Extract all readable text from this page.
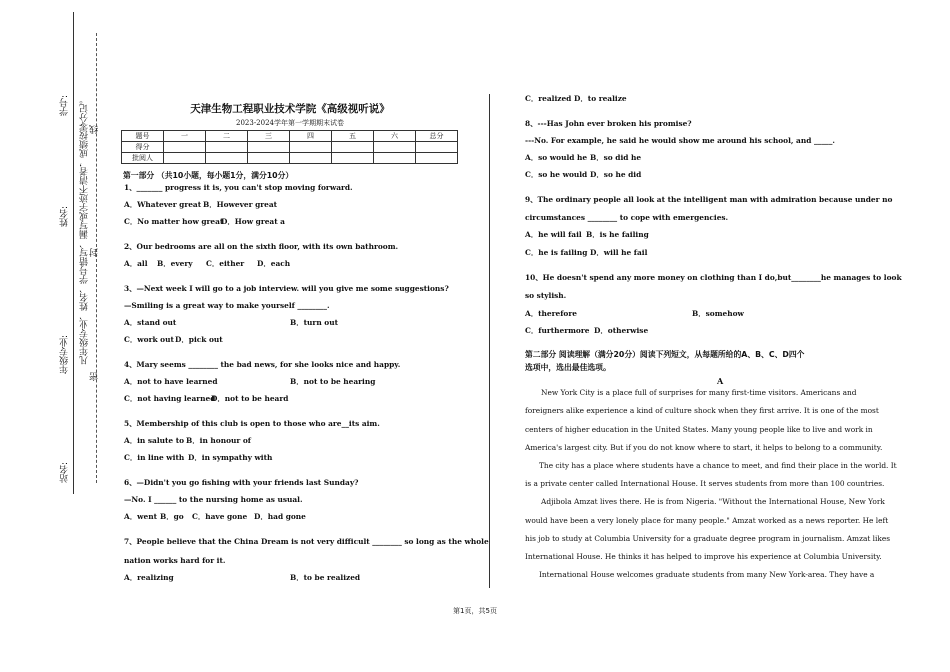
学号:
姓名:
年级专业:
站名:
凡年级专业、姓名、学号错写、漏写或字迹不清者，成绩按零分记。
密
封
线
天津生物工程职业技术学院《高级视听说》
2023-2024学年第一学期期末试卷
题号	一	二	三	四	五	六	总分
得分							
批阅人							
第一部分 （共10小题，每小题1分，满分10分）
1、_______ progress it is, you can't stop moving forward.
A．Whatever great B．However great
C．No matter how great
D．How great a
2、Our bedrooms are all on the sixth floor, with its own bathroom.
A．all B．every C．either D．each
3、—Next week I will go to a job interview. will you give me some suggestions?
—Smiling is a great way to make yourself ________.
A．stand out	B．turn out
C．work out D．pick out
4、Mary seems ________ the bad news, for she looks nice and happy.
A．not to have learned	B．not to be hearing
C．not having learned
D．not to be heard
5、Membership of this club is open to those who are__its aim.
A．in salute to B．in honour of
C．in line with D．in sympathy with
6、—Didn't you go fishing with your friends last Sunday?
—No. I ______ to the nursing home as usual.
A．went B．go C．have gone D．had gone
7、People believe that the China Dream is not very difficult ________ so long as the whole
nation works hard for it.
A．realizing	B．to be realized
C．realized D．to realize
8、---Has John ever broken his promise?
---No. For example, he said he would show me around his school, and _____.
A．so would he B．so did he
C．so he would D．so he did
9、The ordinary people all look at the intelligent man with admiration because under no
circumstances ________ to cope with emergencies.
A．he will fail B．is he failing
C．he is failing D．will he fail
10、He doesn't spend any more money on clothing than I do,but________he manages to look
so stylish.
A．therefore	B．somehow
C．furthermore D．otherwise
第二部分 阅读理解（满分20分）阅读下列短文，从每题所给的A、B、C、D四个
选项中，选出最佳选项。
A
New York City is a place full of surprises for many first-time visitors. Americans and
foreigners alike experience a kind of culture shock when they first arrive. It is one of the most
centers of higher education in the United States. Many young people like to live and work in
America's largest city. But if you do not know where to start, it helps to belong to a community.
The city has a place where students have a chance to meet, and find their place in the world. It
is a private center called International House. It serves students from more than 100 countries.
Adjibola Amzat lives there. He is from Nigeria. "Without the International House, New York
would have been a very lonely place for many people." Amzat worked as a news reporter. He left
his job to study at Columbia University for a graduate degree program in journalism. Amzat likes
International House. He thinks it has helped to improve his experience at Columbia University.
International House welcomes graduate students from many New York-area. They have a
第1页，共5页
